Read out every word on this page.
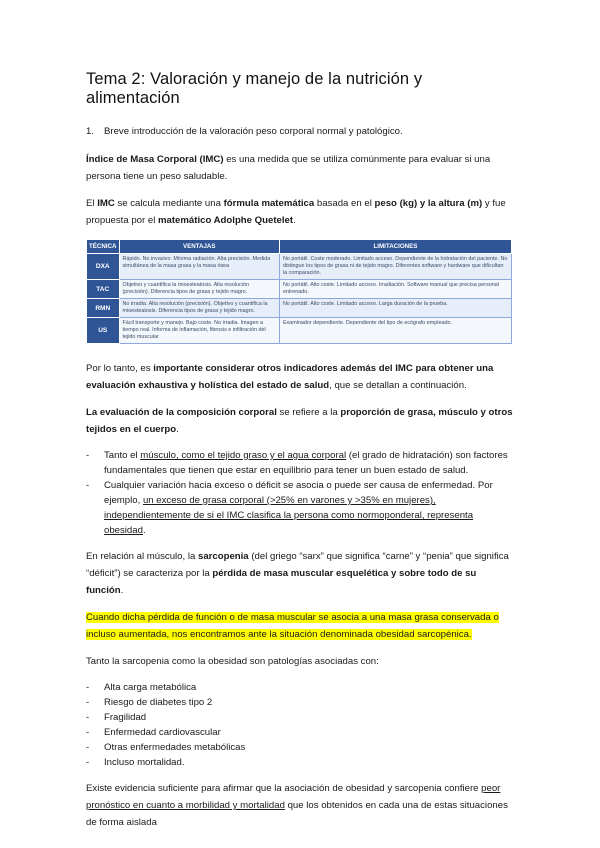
Tema 2: Valoración y manejo de la nutrición y alimentación
1.	Breve introducción de la valoración peso corporal normal y patológico.

Índice de Masa Corporal (IMC) es una medida que se utiliza comúnmente para evaluar si una persona tiene un peso saludable.

El IMC se calcula mediante una fórmula matemática basada en el peso (kg) y la altura (m) y fue propuesta por el matemático Adolphe Quetelet.

TÉCNICA	VENTAJAS	LIMITACIONES
DXA	Rápido. No invasivo. Mínima radiación. Alta precisión. Medida simultánea de la masa grasa y la masa ósea	No portátil. Coste moderado. Limitado acceso. Dependiente de la hidratación del paciente. No distingue los tipos de grasa ni de tejido magro. Diferentes software y hardware que dificultan la comparación.
TAC	Objetivo y cuantifica la mioesteatosis. Alta resolución (precisión). Diferencia tipos de grasa y tejido magro.	No portátil. Alto coste. Limitado acceso. Irradiación. Software manual que precisa personal entrenado.
RMN	No irradia. Alta resolución (precisión). Objetivo y cuantifica la mioesteatosis. Diferencia tipos de grasa y tejido magro.	No portátil. Alto coste. Limitado acceso. Larga duración de la prueba.
US	Fácil transporte y manejo. Bajo coste. No irradia. Imagen a tiempo real. Informa de inflamación, fibrosis e infiltración del tejido muscular	Examinador dependiente. Dependiente del tipo de ecógrafo empleado.

Por lo tanto, es importante considerar otros indicadores además del IMC para obtener una evaluación exhaustiva y holística del estado de salud, que se detallan a continuación.

La evaluación de la composición corporal se refiere a la proporción de grasa, músculo y otros tejidos en el cuerpo.

-	Tanto el músculo, como el tejido graso y el agua corporal (el grado de hidratación) son factores fundamentales que tienen que estar en equilibrio para tener un buen estado de salud.
-	Cualquier variación hacia exceso o déficit se asocia o puede ser causa de enfermedad. Por ejemplo, un exceso de grasa corporal (>25% en varones y >35% en mujeres), independientemente de si el IMC clasifica la persona como normoponderal, representa obesidad.

En relación al músculo, la sarcopenia (del griego “sarx” que significa “carne” y “penia” que significa “déficit”) se caracteriza por la pérdida de masa muscular esquelética y sobre todo de su función.

Cuando dicha pérdida de función o de masa muscular se asocia a una masa grasa conservada o incluso aumentada, nos encontramos ante la situación denominada obesidad sarcopénica.

Tanto la sarcopenia como la obesidad son patologías asociadas con:

-	Alta carga metabólica
-	Riesgo de diabetes tipo 2
-	Fragilidad
-	Enfermedad cardiovascular
-	Otras enfermedades metabólicas
-	Incluso mortalidad.

Existe evidencia suficiente para afirmar que la asociación de obesidad y sarcopenia confiere peor pronóstico en cuanto a morbilidad y mortalidad que los obtenidos en cada una de estas situaciones de forma aislada
